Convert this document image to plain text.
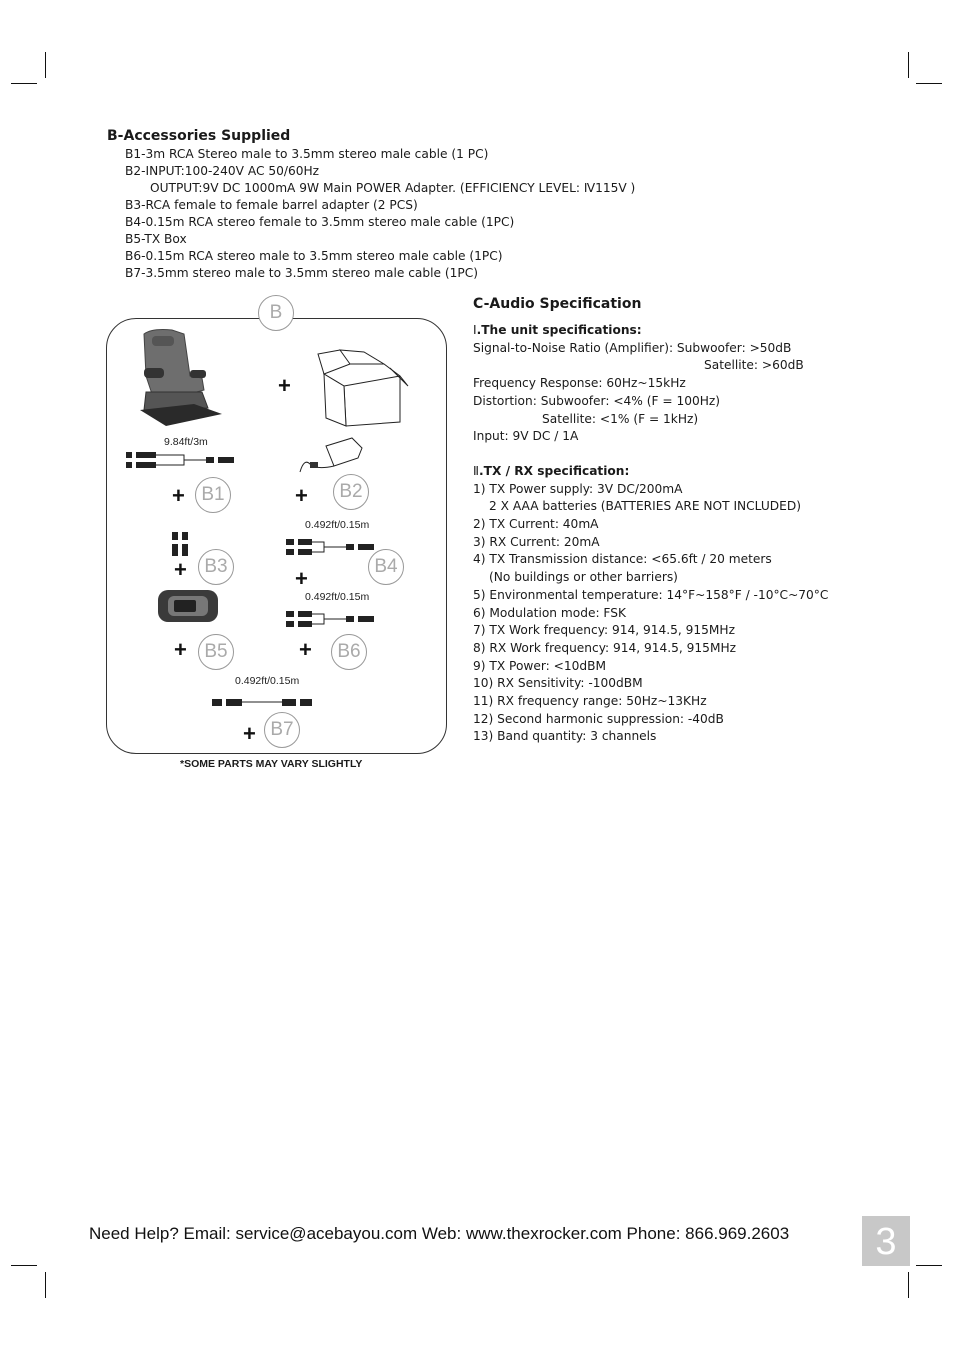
B-Accessories Supplied
B1-3m RCA Stereo male to 3.5mm stereo male cable (1 PC)
B2-INPUT:100-240V AC 50/60Hz
OUTPUT:9V DC 1000mA 9W Main POWER Adapter. (EFFICIENCY LEVEL: Ⅳ115V )
B3-RCA female to female barrel adapter (2 PCS)
B4-0.15m RCA stereo female to 3.5mm stereo male cable (1PC)
B5-TX Box
B6-0.15m RCA stereo male to 3.5mm stereo male cable (1PC)
B7-3.5mm stereo male to 3.5mm stereo male cable (1PC)
B
+
9.84ft/3m
+ B1	+	B2
+ B3
0.492ft/0.15m
+	B4
+ B5
0.492ft/0.15m
+	B6
0.492ft/0.15m
+ B7
*SOME PARTS MAY VARY SLIGHTLY
C-Audio Specification
Ⅰ.The unit specifications:
Signal-to-Noise Ratio (Amplifier): Subwoofer: >50dB
Satellite: >60dB
Frequency Response: 60Hz~15kHz
Distortion: Subwoofer: <4% (F = 100Hz)
Satellite: <1% (F = 1kHz)
Input: 9V DC / 1A
Ⅱ.TX / RX specification:
1) TX Power supply: 3V DC/200mA
2 X AAA batteries (BATTERIES ARE NOT INCLUDED)
2) TX Current: 40mA
3) RX Current: 20mA
4) TX Transmission distance: <65.6ft / 20 meters
(No buildings or other barriers)
5) Environmental temperature: 14°F~158°F / -10°C~70°C
6) Modulation mode: FSK
7) TX Work frequency: 914, 914.5, 915MHz
8) RX Work frequency: 914, 914.5, 915MHz
9) TX Power: <10dBM
10) RX Sensitivity: -100dBM
11) RX frequency range: 50Hz~13KHz
12) Second harmonic suppression: -40dB
13) Band quantity: 3 channels
Need Help? Email: service@acebayou.com Web: www.thexrocker.com Phone: 866.969.2603	3
